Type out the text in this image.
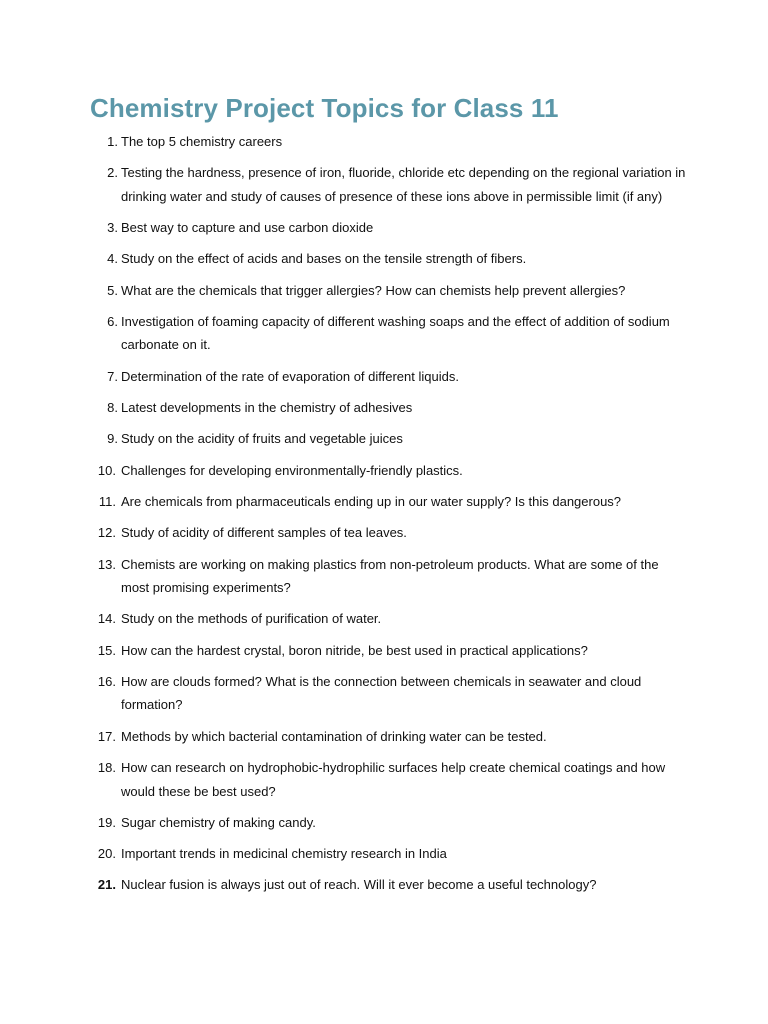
Chemistry Project Topics for Class 11
1. The top 5 chemistry careers
2. Testing the hardness, presence of iron, fluoride, chloride etc depending on the regional variation in drinking water and study of causes of presence of these ions above in permissible limit (if any)
3. Best way to capture and use carbon dioxide
4. Study on the effect of acids and bases on the tensile strength of fibers.
5. What are the chemicals that trigger allergies? How can chemists help prevent allergies?
6. Investigation of foaming capacity of different washing soaps and the effect of addition of sodium carbonate on it.
7. Determination of the rate of evaporation of different liquids.
8. Latest developments in the chemistry of adhesives
9. Study on the acidity of fruits and vegetable juices
10. Challenges for developing environmentally-friendly plastics.
11. Are chemicals from pharmaceuticals ending up in our water supply? Is this dangerous?
12. Study of acidity of different samples of tea leaves.
13. Chemists are working on making plastics from non-petroleum products. What are some of the most promising experiments?
14. Study on the methods of purification of water.
15. How can the hardest crystal, boron nitride, be best used in practical applications?
16. How are clouds formed? What is the connection between chemicals in seawater and cloud formation?
17. Methods by which bacterial contamination of drinking water can be tested.
18. How can research on hydrophobic-hydrophilic surfaces help create chemical coatings and how would these be best used?
19. Sugar chemistry of making candy.
20. Important trends in medicinal chemistry research in India
21. Nuclear fusion is always just out of reach. Will it ever become a useful technology?
